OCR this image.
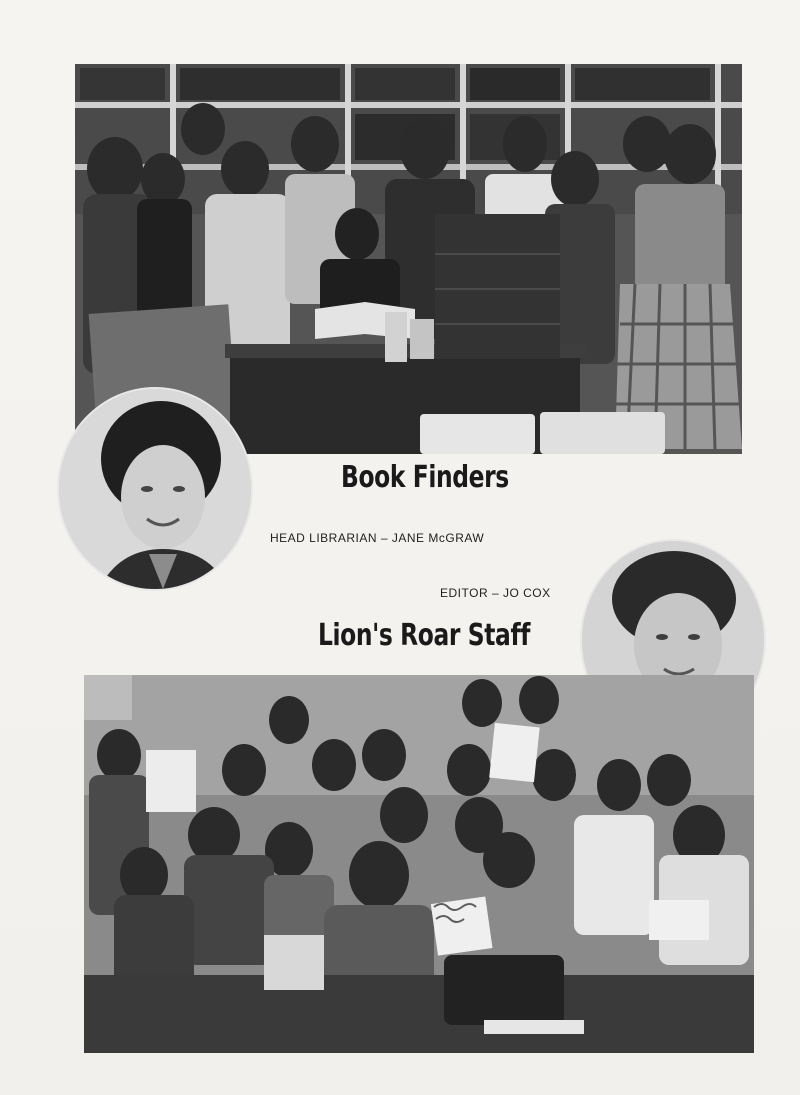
Book Finders
HEAD LIBRARIAN – JANE McGRAW
EDITOR – JO COX
Lion's Roar Staff
